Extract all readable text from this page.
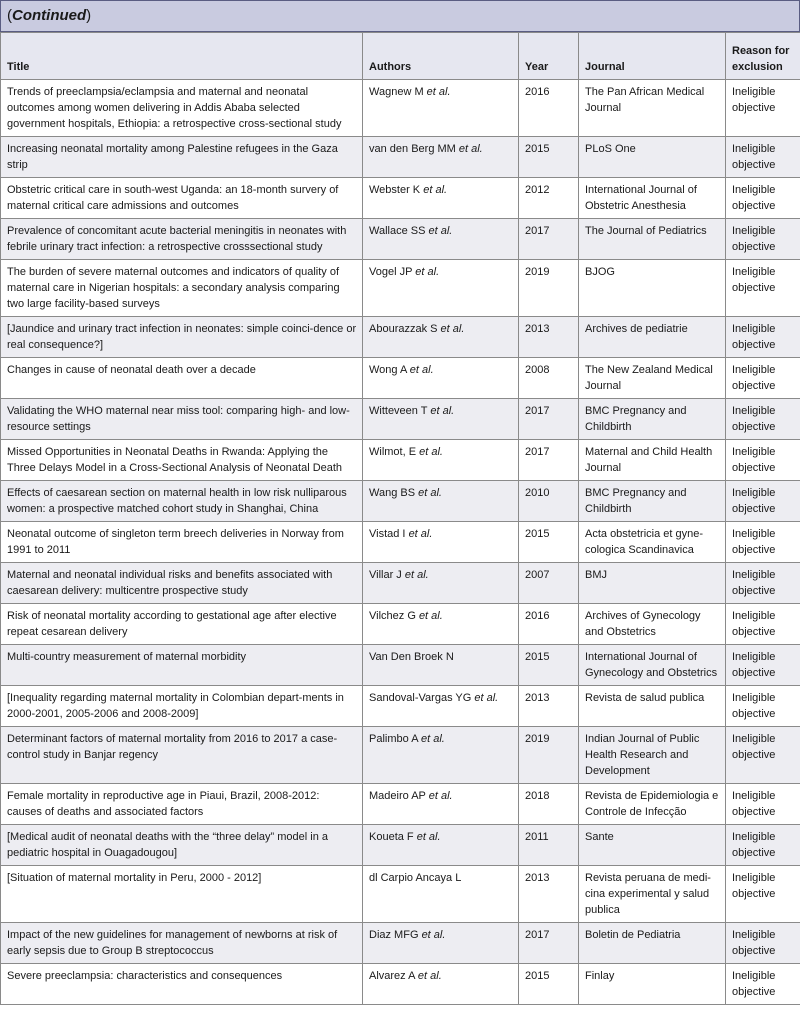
(Continued)
Title	Authors	Year	Journal	Reason for exclusion
Trends of preeclampsia/eclampsia and maternal and neonatal outcomes among women delivering in Addis Ababa selected government hospitals, Ethiopia: a retrospective cross-sectional study	Wagnew M et al.	2016	The Pan African Medical Journal	Ineligible objective
Increasing neonatal mortality among Palestine refugees in the Gaza strip	van den Berg MM et al.	2015	PLoS One	Ineligible objective
Obstetric critical care in south-west Uganda: an 18-month survery of maternal critical care admissions and outcomes	Webster K et al.	2012	International Journal of Obstetric Anesthesia	Ineligible objective
Prevalence of concomitant acute bacterial meningitis in neonates with febrile urinary tract infection: a retrospective crosssectional study	Wallace SS et al.	2017	The Journal of Pediatrics	Ineligible objective
The burden of severe maternal outcomes and indicators of quality of maternal care in Nigerian hospitals: a secondary analysis comparing two large facility-based surveys	Vogel JP et al.	2019	BJOG	Ineligible objective
[Jaundice and urinary tract infection in neonates: simple coinci-dence or real consequence?]	Abourazzak S et al.	2013	Archives de pediatrie	Ineligible objective
Changes in cause of neonatal death over a decade	Wong A et al.	2008	The New Zealand Medical Journal	Ineligible objective
Validating the WHO maternal near miss tool: comparing high- and low-resource settings	Witteveen T et al.	2017	BMC Pregnancy and Childbirth	Ineligible objective
Missed Opportunities in Neonatal Deaths in Rwanda: Applying the Three Delays Model in a Cross-Sectional Analysis of Neonatal Death	Wilmot, E et al.	2017	Maternal and Child Health Journal	Ineligible objective
Effects of caesarean section on maternal health in low risk nulliparous women: a prospective matched cohort study in Shanghai, China	Wang BS et al.	2010	BMC Pregnancy and Childbirth	Ineligible objective
Neonatal outcome of singleton term breech deliveries in Norway from 1991 to 2011	Vistad I et al.	2015	Acta obstetricia et gyne-cologica Scandinavica	Ineligible objective
Maternal and neonatal individual risks and benefits associated with caesarean delivery: multicentre prospective study	Villar J et al.	2007	BMJ	Ineligible objective
Risk of neonatal mortality according to gestational age after elective repeat cesarean delivery	Vilchez G et al.	2016	Archives of Gynecology and Obstetrics	Ineligible objective
Multi-country measurement of maternal morbidity	Van Den Broek N	2015	International Journal of Gynecology and Obstetrics	Ineligible objective
[Inequality regarding maternal mortality in Colombian depart-ments in 2000-2001, 2005-2006 and 2008-2009]	Sandoval-Vargas YG et al.	2013	Revista de salud publica	Ineligible objective
Determinant factors of maternal mortality from 2016 to 2017 a case-control study in Banjar regency	Palimbo A et al.	2019	Indian Journal of Public Health Research and Development	Ineligible objective
Female mortality in reproductive age in Piaui, Brazil, 2008-2012: causes of deaths and associated factors	Madeiro AP et al.	2018	Revista de Epidemiologia e Controle de Infecção	Ineligible objective
[Medical audit of neonatal deaths with the “three delay” model in a pediatric hospital in Ouagadougou]	Koueta F et al.	2011	Sante	Ineligible objective
[Situation of maternal mortality in Peru, 2000 - 2012]	dl Carpio Ancaya L	2013	Revista peruana de medi-cina experimental y salud publica	Ineligible objective
Impact of the new guidelines for management of newborns at risk of early sepsis due to Group B streptococcus	Diaz MFG et al.	2017	Boletin de Pediatria	Ineligible objective
Severe preeclampsia: characteristics and consequences	Alvarez A et al.	2015	Finlay	Ineligible objective
